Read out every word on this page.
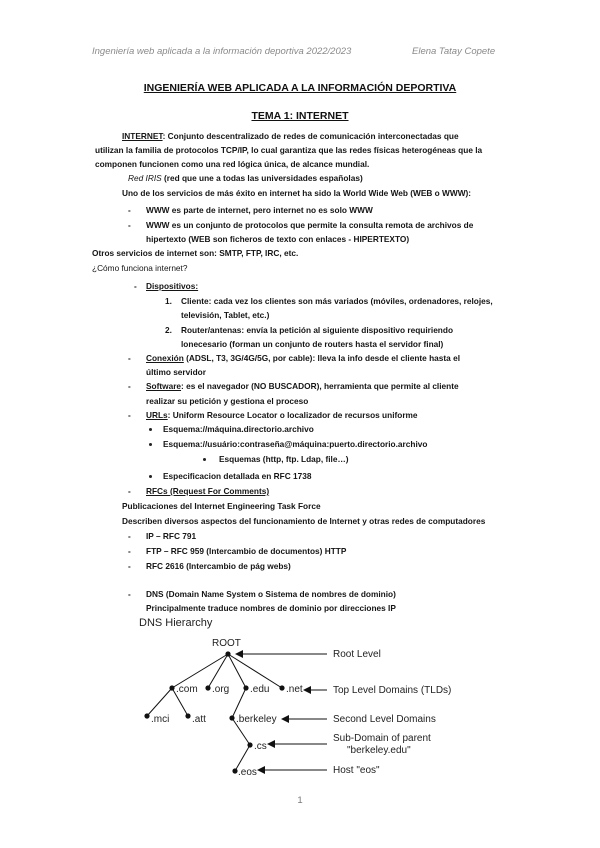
Ingeniería web aplicada a la información deportiva 2022/2023	Elena Tatay Copete
INGENIERÍA WEB APLICADA A LA INFORMACIÓN DEPORTIVA
TEMA 1: INTERNET
INTERNET: Conjunto descentralizado de redes de comunicación interconectadas que
utilizan la familia de protocolos TCP/IP, lo cual garantiza que las redes físicas heterogéneas que la
componen funcionen como una red lógica única, de alcance mundial.
Red IRIS (red que une a todas las universidades españolas)
Uno de los servicios de más éxito en internet ha sido la World Wide Web (WEB o WWW):
- WWW es parte de internet, pero internet no es solo WWW
- WWW es un conjunto de protocolos que permite la consulta remota de archivos de
hipertexto (WEB son ficheros de texto con enlaces - HIPERTEXTO)
Otros servicios de internet son: SMTP, FTP, IRC, etc.
¿Cómo funciona internet?
- Dispositivos:
1. Cliente: cada vez los clientes son más variados (móviles, ordenadores, relojes,
televisión, Tablet, etc.)
2. Router/antenas: envía la petición al siguiente dispositivo requiriendo
lonecesario (forman un conjunto de routers hasta el servidor final)
- Conexión (ADSL, T3, 3G/4G/5G, por cable): lleva la info desde el cliente hasta el
último servidor
- Software: es el navegador (NO BUSCADOR), herramienta que permite al cliente
realizar su petición y gestiona el proceso
- URLs: Uniform Resource Locator o localizador de recursos uniforme
Esquema://máquina.directorio.archivo
Esquema://usuário:contraseña@máquina:puerto.directorio.archivo
Esquemas (http, ftp. Ldap, file…)
Especificacion detallada en RFC 1738
- RFCs (Request For Comments)
Publicaciones del Internet Engineering Task Force
Describen diversos aspectos del funcionamiento de Internet y otras redes de computadores
- IP – RFC 791
- FTP – RFC 959 (Intercambio de documentos) HTTP
- RFC 2616 (Intercambio de pág webs)
- DNS (Domain Name System o Sistema de nombres de dominio)
Principalmente traduce nombres de dominio por direcciones IP
DNS Hierarchy
ROOT
.com .org .edu .net
.mci .att	.berkeley
.cs
.eos
Root Level
Top Level Domains (TLDs)
Second Level Domains
Sub-Domain of parent
"berkeley.edu"
Host "eos"
1
